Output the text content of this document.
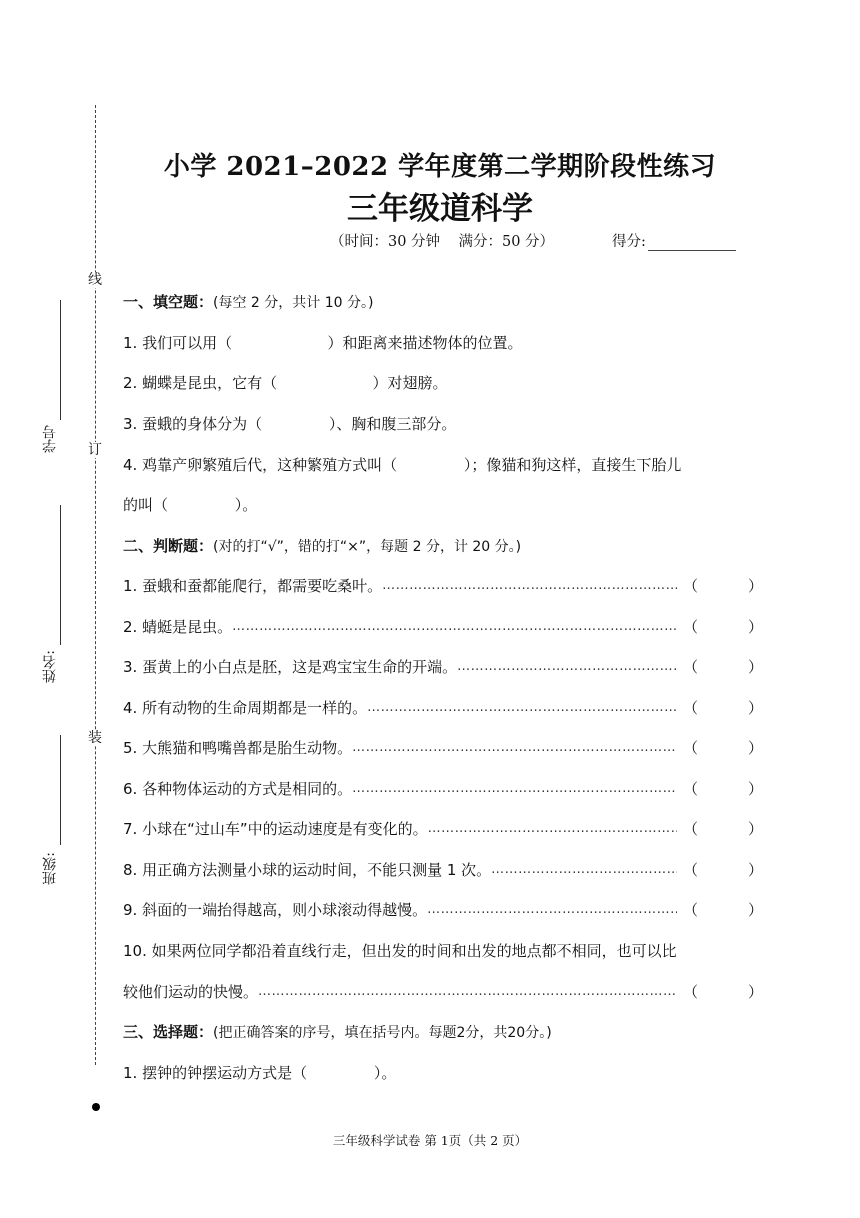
线
订
装
学号
姓名:
班级:
小学 2021–2022 学年度第二学期阶段性练习
三年级道科学
（时间：30 分钟    满分：50 分）	得分:
一、填空题：(每空 2 分，共计 10 分。)
1. 我们可以用（                    ）和距离来描述物体的位置。
2. 蝴蝶是昆虫，它有（                    ）对翅膀。
3. 蚕蛾的身体分为（              ）、胸和腹三部分。
4. 鸡靠产卵繁殖后代，这种繁殖方式叫（              ）；像猫和狗这样，直接生下胎儿
的叫（              ）。
二、判断题：(对的打“√”，错的打“×”，每题 2 分，计 20 分。)
1. 蚕蛾和蚕都能爬行，都需要吃桑叶。 …………………………………………………………………………………………………………………………………	（	）
2. 蜻蜓是昆虫。 …………………………………………………………………………………………………………………………………	（	）
3. 蛋黄上的小白点是胚，这是鸡宝宝生命的开端。 …………………………………………………………………………………………………………………………………	（	）
4. 所有动物的生命周期都是一样的。 …………………………………………………………………………………………………………………………………	（	）
5. 大熊猫和鸭嘴兽都是胎生动物。 …………………………………………………………………………………………………………………………………	（	）
6. 各种物体运动的方式是相同的。 …………………………………………………………………………………………………………………………………	（	）
7. 小球在“过山车”中的运动速度是有变化的。 …………………………………………………………………………………………………………………………………	（	）
8. 用正确方法测量小球的运动时间，不能只测量 1 次。 …………………………………………………………………………………………………………………………………	（	）
9. 斜面的一端抬得越高，则小球滚动得越慢。 …………………………………………………………………………………………………………………………………	（	）
10. 如果两位同学都沿着直线行走，但出发的时间和出发的地点都不相同，也可以比
较他们运动的快慢。 …………………………………………………………………………………………………………………………………	（	）
三、选择题：(把正确答案的序号，填在括号内。每题2分，共20分。)
1. 摆钟的钟摆运动方式是（              ）。
三年级科学试卷 第 1页（共 2 页）
